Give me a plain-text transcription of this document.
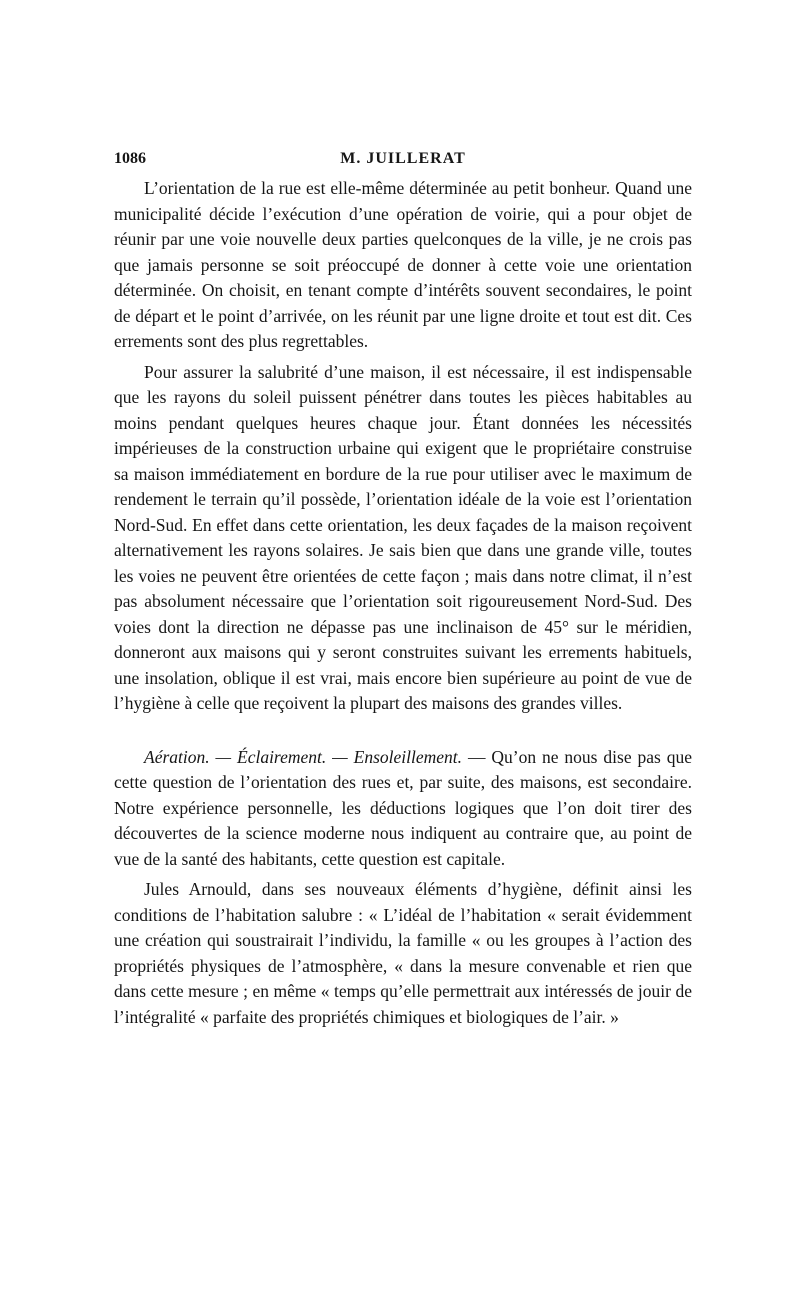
1086	M. JUILLERAT

L’orientation de la rue est elle-même déterminée au petit bonheur. Quand une municipalité décide l’exécution d’une opération de voirie, qui a pour objet de réunir par une voie nouvelle deux parties quelconques de la ville, je ne crois pas que jamais personne se soit préoccupé de donner à cette voie une orientation déterminée. On choisit, en tenant compte d’intérêts souvent secondaires, le point de départ et le point d’arrivée, on les réunit par une ligne droite et tout est dit. Ces errements sont des plus regrettables.

Pour assurer la salubrité d’une maison, il est nécessaire, il est indispensable que les rayons du soleil puissent pénétrer dans toutes les pièces habitables au moins pendant quelques heures chaque jour. Étant données les nécessités impérieuses de la construction urbaine qui exigent que le propriétaire construise sa maison immédiatement en bordure de la rue pour utiliser avec le maximum de rendement le terrain qu’il possède, l’orientation idéale de la voie est l’orientation Nord-Sud. En effet dans cette orientation, les deux façades de la maison reçoivent alternativement les rayons solaires. Je sais bien que dans une grande ville, toutes les voies ne peuvent être orientées de cette façon ; mais dans notre climat, il n’est pas absolument nécessaire que l’orientation soit rigoureusement Nord-Sud. Des voies dont la direction ne dépasse pas une inclinaison de 45° sur le méridien, donneront aux maisons qui y seront construites suivant les errements habituels, une insolation, oblique il est vrai, mais encore bien supérieure au point de vue de l’hygiène à celle que reçoivent la plupart des maisons des grandes villes.

Aération. — Éclairement. — Ensoleillement. — Qu’on ne nous dise pas que cette question de l’orientation des rues et, par suite, des maisons, est secondaire. Notre expérience personnelle, les déductions logiques que l’on doit tirer des découvertes de la science moderne nous indiquent au contraire que, au point de vue de la santé des habitants, cette question est capitale.

Jules Arnould, dans ses nouveaux éléments d’hygiène, définit ainsi les conditions de l’habitation salubre : « L’idéal de l’habitation « serait évidemment une création qui soustrairait l’individu, la famille « ou les groupes à l’action des propriétés physiques de l’atmosphère, « dans la mesure convenable et rien que dans cette mesure ; en même « temps qu’elle permettrait aux intéressés de jouir de l’intégralité « parfaite des propriétés chimiques et biologiques de l’air. »
